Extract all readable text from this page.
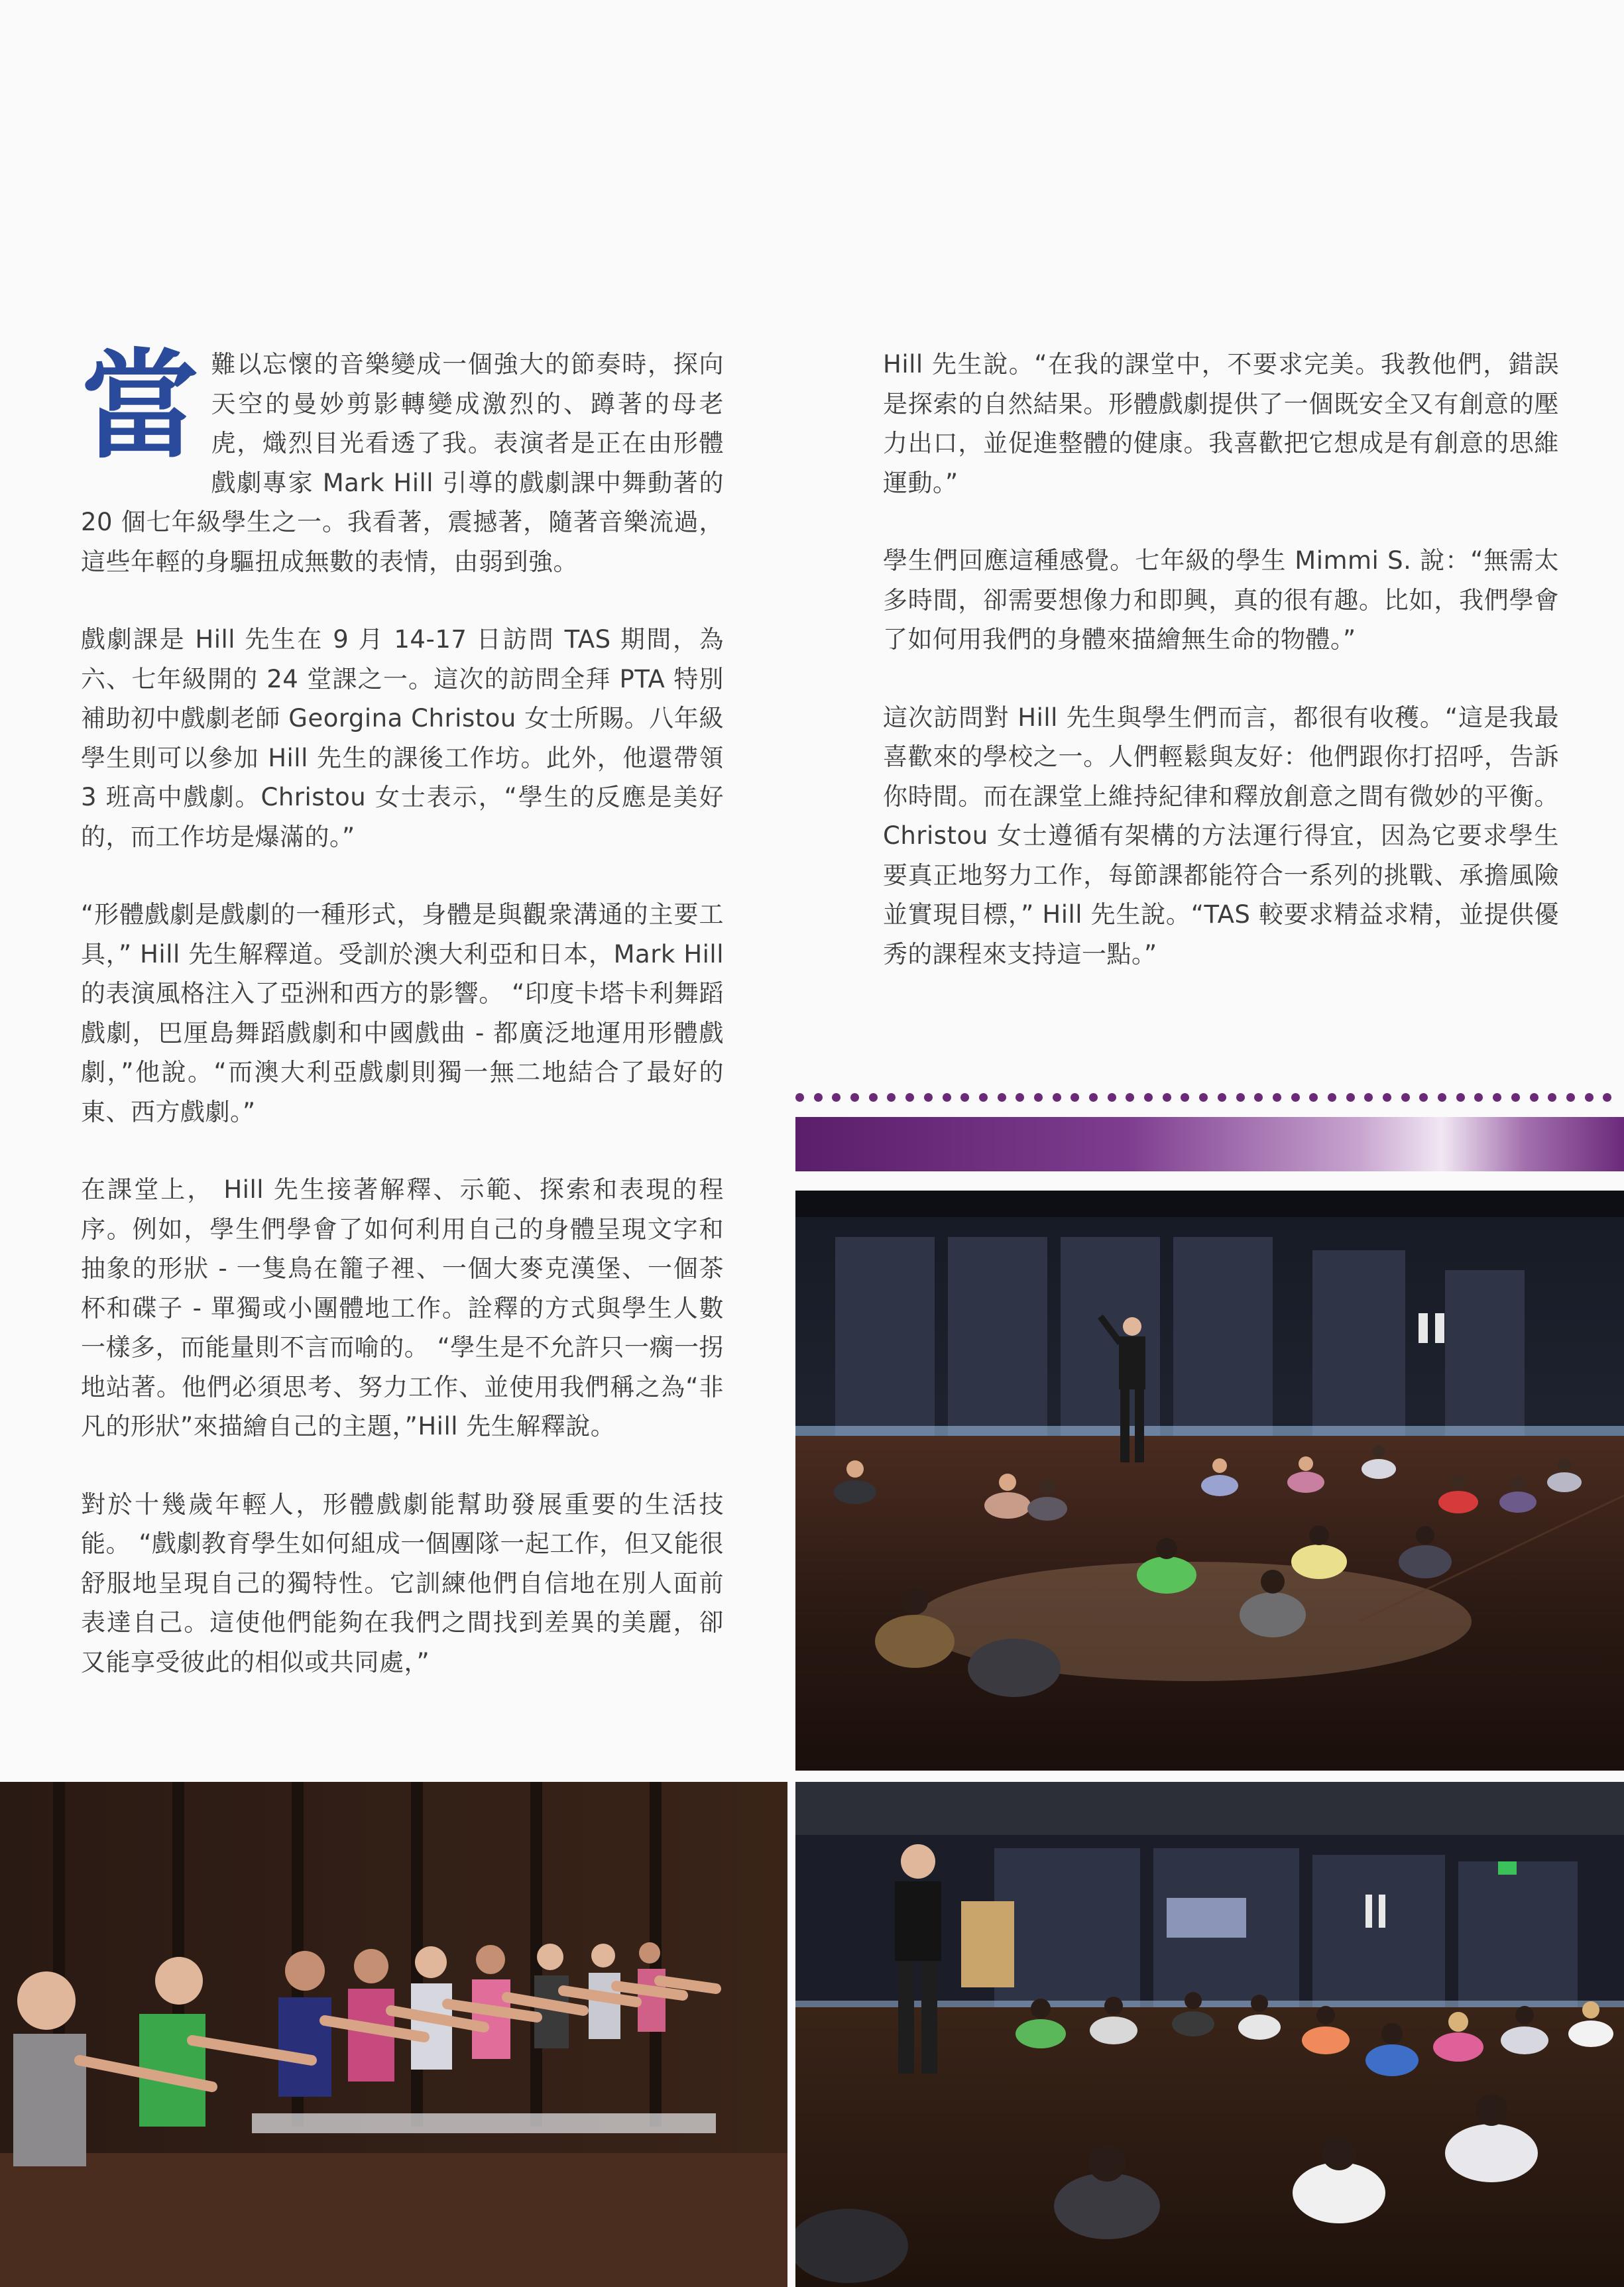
當難以忘懷的音樂變成一個強大的節奏時，探向天空的曼妙剪影轉變成激烈的、蹲著的母老虎，熾烈目光看透了我。表演者是正在由形體戲劇專家 Mark Hill 引導的戲劇課中舞動著的 20 個七年級學生之一。我看著，震撼著，隨著音樂流過，這些年輕的身驅扭成無數的表情，由弱到強。

戲劇課是 Hill 先生在 9 月 14-17 日訪問 TAS 期間，為六、七年級開的 24 堂課之一。這次的訪問全拜 PTA 特別補助初中戲劇老師 Georgina Christou 女士所賜。八年級學生則可以參加 Hill 先生的課後工作坊。此外，他還帶領 3 班高中戲劇。Christou 女士表示，“學生的反應是美好的，而工作坊是爆滿的。”

“形體戲劇是戲劇的一種形式，身體是與觀衆溝通的主要工具，” Hill 先生解釋道。受訓於澳大利亞和日本，Mark Hill 的表演風格注入了亞洲和西方的影響。 “印度卡塔卡利舞蹈戲劇，巴厘島舞蹈戲劇和中國戲曲 - 都廣泛地運用形體戲劇，”他說。“而澳大利亞戲劇則獨一無二地結合了最好的東、西方戲劇。”

在課堂上， Hill 先生接著解釋、示範、探索和表現的程序。例如，學生們學會了如何利用自己的身體呈現文字和抽象的形狀 - 一隻鳥在籠子裡、一個大麥克漢堡、一個茶杯和碟子 - 單獨或小團體地工作。詮釋的方式與學生人數一樣多，而能量則不言而喻的。 “學生是不允許只一瘸一拐地站著。他們必須思考、努力工作、並使用我們稱之為“非凡的形狀”來描繪自己的主題，”Hill 先生解釋說。

對於十幾歲年輕人，形體戲劇能幫助發展重要的生活技能。 “戲劇教育學生如何組成一個團隊一起工作，但又能很舒服地呈現自己的獨特性。它訓練他們自信地在別人面前表達自己。這使他們能夠在我們之間找到差異的美麗，卻又能享受彼此的相似或共同處，”

Hill 先生說。“在我的課堂中，不要求完美。我教他們，錯誤是探索的自然結果。形體戲劇提供了一個既安全又有創意的壓力出口，並促進整體的健康。我喜歡把它想成是有創意的思維運動。”

學生們回應這種感覺。七年級的學生 Mimmi S. 說：“無需太多時間，卻需要想像力和即興，真的很有趣。比如，我們學會了如何用我們的身體來描繪無生命的物體。”

這次訪問對 Hill 先生與學生們而言，都很有收穫。“這是我最喜歡來的學校之一。人們輕鬆與友好：他們跟你打招呼，告訴你時間。而在課堂上維持紀律和釋放創意之間有微妙的平衡。Christou 女士遵循有架構的方法運行得宜，因為它要求學生要真正地努力工作，每節課都能符合一系列的挑戰、承擔風險並實現目標，” Hill 先生說。“TAS 較要求精益求精，並提供優秀的課程來支持這一點。”
